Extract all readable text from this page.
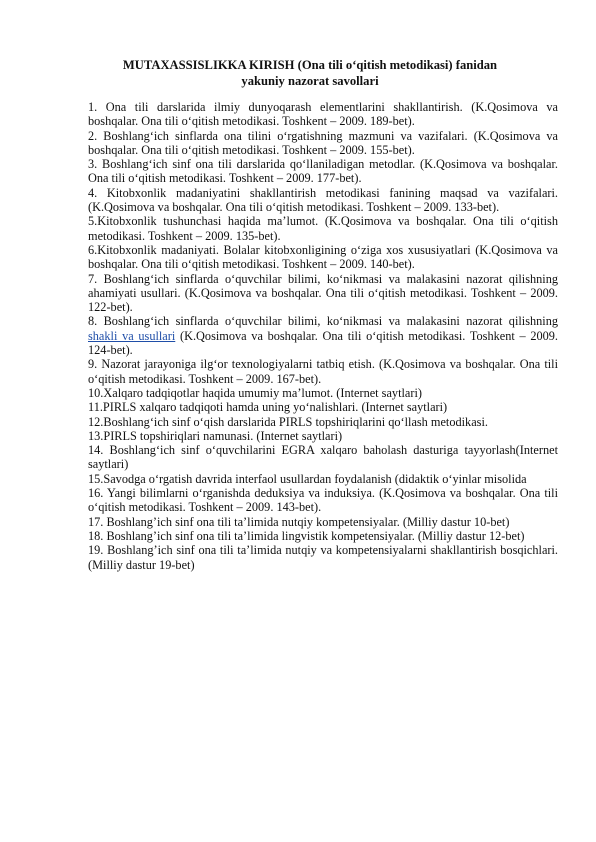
MUTAXASSISLIKKA KIRISH (Ona tili o‘qitish metodikasi) fanidan
yakuniy nazorat savollari
1. Ona tili darslarida ilmiy dunyoqarash elementlarini shakllantirish. (K.Qosimova va boshqalar. Ona tili o‘qitish metodikasi. Toshkent – 2009. 189-bet).
2. Boshlang‘ich sinflarda ona tilini o‘rgatishning mazmuni va vazifalari. (K.Qosimova va boshqalar. Ona tili o‘qitish metodikasi. Toshkent – 2009. 155-bet).
3. Boshlang‘ich sinf ona tili darslarida qo‘llaniladigan metodlar. (K.Qosimova va boshqalar. Ona tili o‘qitish metodikasi. Toshkent – 2009. 177-bet).
4. Kitobxonlik madaniyatini shakllantirish metodikasi fanining maqsad va vazifalari. (K.Qosimova va boshqalar. Ona tili o‘qitish metodikasi. Toshkent – 2009. 133-bet).
5.Kitobxonlik tushunchasi haqida ma’lumot. (K.Qosimova va boshqalar. Ona tili o‘qitish metodikasi. Toshkent – 2009. 135-bet).
6.Kitobxonlik madaniyati. Bolalar kitobxonligining o‘ziga xos xususiyatlari (K.Qosimova va boshqalar. Ona tili o‘qitish metodikasi. Toshkent – 2009. 140-bet).
7. Boshlang‘ich sinflarda o‘quvchilar bilimi, ko‘nikmasi va malakasini nazorat qilishning ahamiyati usullari. (K.Qosimova va boshqalar. Ona tili o‘qitish metodikasi. Toshkent – 2009. 122-bet).
8. Boshlang‘ich sinflarda o‘quvchilar bilimi, ko‘nikmasi va malakasini nazorat qilishning shakli va usullari (K.Qosimova va boshqalar. Ona tili o‘qitish metodikasi. Toshkent – 2009. 124-bet).
9. Nazorat jarayoniga ilg‘or texnologiyalarni tatbiq etish. (K.Qosimova va boshqalar. Ona tili o‘qitish metodikasi. Toshkent – 2009. 167-bet).
10.Xalqaro tadqiqotlar haqida umumiy ma’lumot. (Internet saytlari)
11.PIRLS xalqaro tadqiqoti hamda uning yo‘nalishlari. (Internet saytlari)
12.Boshlang‘ich sinf o‘qish darslarida PIRLS topshiriqlarini qo‘llash metodikasi.
13.PIRLS topshiriqlari namunasi. (Internet saytlari)
14. Boshlang‘ich sinf o‘quvchilarini EGRA xalqaro baholash dasturiga tayyorlash(Internet saytlari)
15.Savodga o‘rgatish davrida interfaol usullardan foydalanish (didaktik o‘yinlar misolida
16. Yangi bilimlarni o‘rganishda deduksiya va induksiya. (K.Qosimova va boshqalar. Ona tili o‘qitish metodikasi. Toshkent – 2009. 143-bet).
17. Boshlang’ich sinf ona tili ta’limida nutqiy kompetensiyalar. (Milliy dastur 10-bet)
18. Boshlang’ich sinf ona tili ta’limida lingvistik kompetensiyalar. (Milliy dastur 12-bet)
19. Boshlang’ich sinf ona tili ta’limida nutqiy va kompetensiyalarni shakllantirish bosqichlari. (Milliy dastur 19-bet)
